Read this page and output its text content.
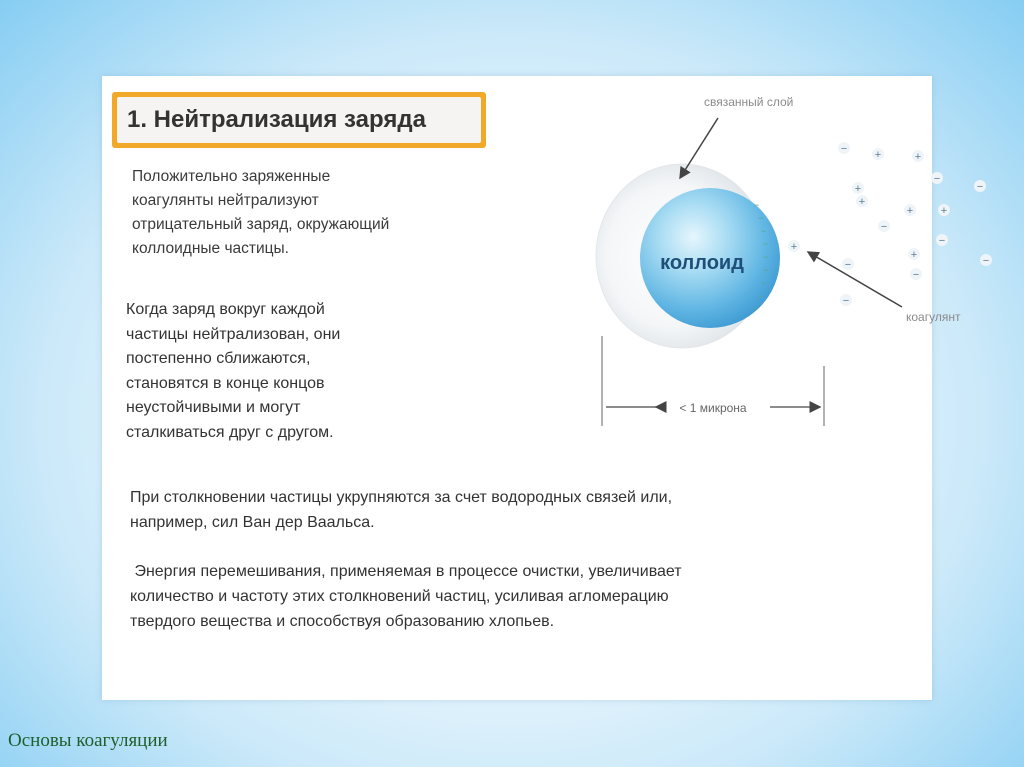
1. Нейтрализация заряда
Положительно заряженные
коагулянты нейтрализуют
отрицательный заряд, окружающий
коллоидные частицы.
Когда заряд вокруг каждой
частицы нейтрализован, они
постепенно сближаются,
становятся в конце концов
неустойчивыми и могут
сталкиваться друг с другом.
При столкновении частицы укрупняются за счет водородных связей или,
например, сил Ван дер Ваальса.
Энергия перемешивания, применяемая в процессе очистки, увеличивает
количество и частоту этих столкновений частиц, усиливая агломерацию
твердого вещества и способствуя образованию хлопьев.
−
−
−
−
−
−
−
−
−
коллоид
связанный слой
коагулянт
−	+	+
−
−
+
+
+	+
−
−
−
+
−
−
−
+
< 1 микрона
Основы коагуляции
